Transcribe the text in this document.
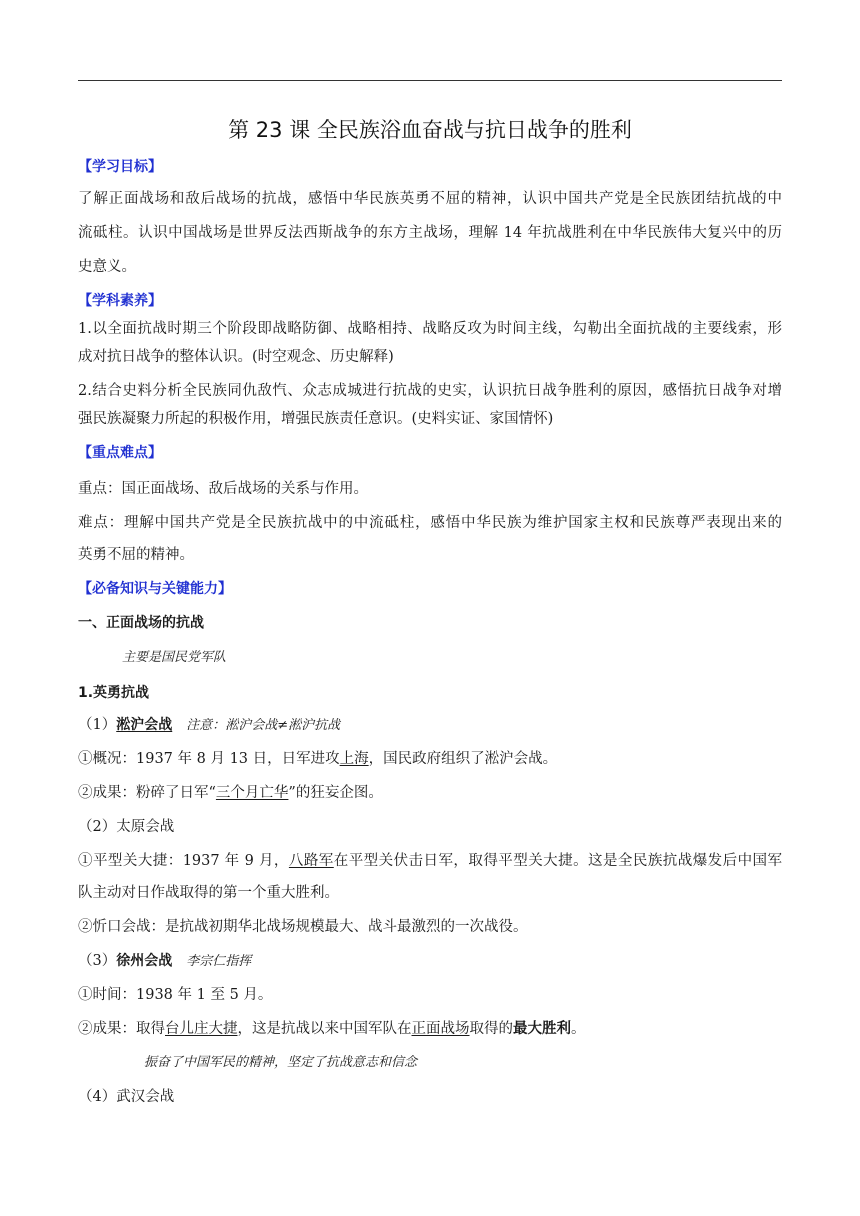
第 23 课 全民族浴血奋战与抗日战争的胜利
【学习目标】
了解正面战场和敌后战场的抗战，感悟中华民族英勇不屈的精神，认识中国共产党是全民族团结抗战的中
流砥柱。认识中国战场是世界反法西斯战争的东方主战场，理解 14 年抗战胜利在中华民族伟大复兴中的历
史意义。
【学科素养】
1.以全面抗战时期三个阶段即战略防御、战略相持、战略反攻为时间主线，勾勒出全面抗战的主要线索，形
成对抗日战争的整体认识。(时空观念、历史解释)
2.结合史料分析全民族同仇敌忾、众志成城进行抗战的史实，认识抗日战争胜利的原因，感悟抗日战争对增
强民族凝聚力所起的积极作用，增强民族责任意识。(史料实证、家国情怀)
【重点难点】
重点：国正面战场、敌后战场的关系与作用。
难点：理解中国共产党是全民族抗战中的中流砥柱，感悟中华民族为维护国家主权和民族尊严表现出来的
英勇不屈的精神。
【必备知识与关键能力】
一、正面战场的抗战
主要是国民党军队
1.英勇抗战
（1）淞沪会战 注意：淞沪会战≠淞沪抗战
①概况：1937 年 8 月 13 日，日军进攻上海，国民政府组织了淞沪会战。
②成果：粉碎了日军“三个月亡华”的狂妄企图。
（2）太原会战
①平型关大捷：1937 年 9 月，八路军在平型关伏击日军，取得平型关大捷。这是全民族抗战爆发后中国军
队主动对日作战取得的第一个重大胜利。
②忻口会战：是抗战初期华北战场规模最大、战斗最激烈的一次战役。
（3）徐州会战 李宗仁指挥
①时间：1938 年 1 至 5 月。
②成果：取得台儿庄大捷，这是抗战以来中国军队在正面战场取得的最大胜利。
振奋了中国军民的精神，坚定了抗战意志和信念
（4）武汉会战
